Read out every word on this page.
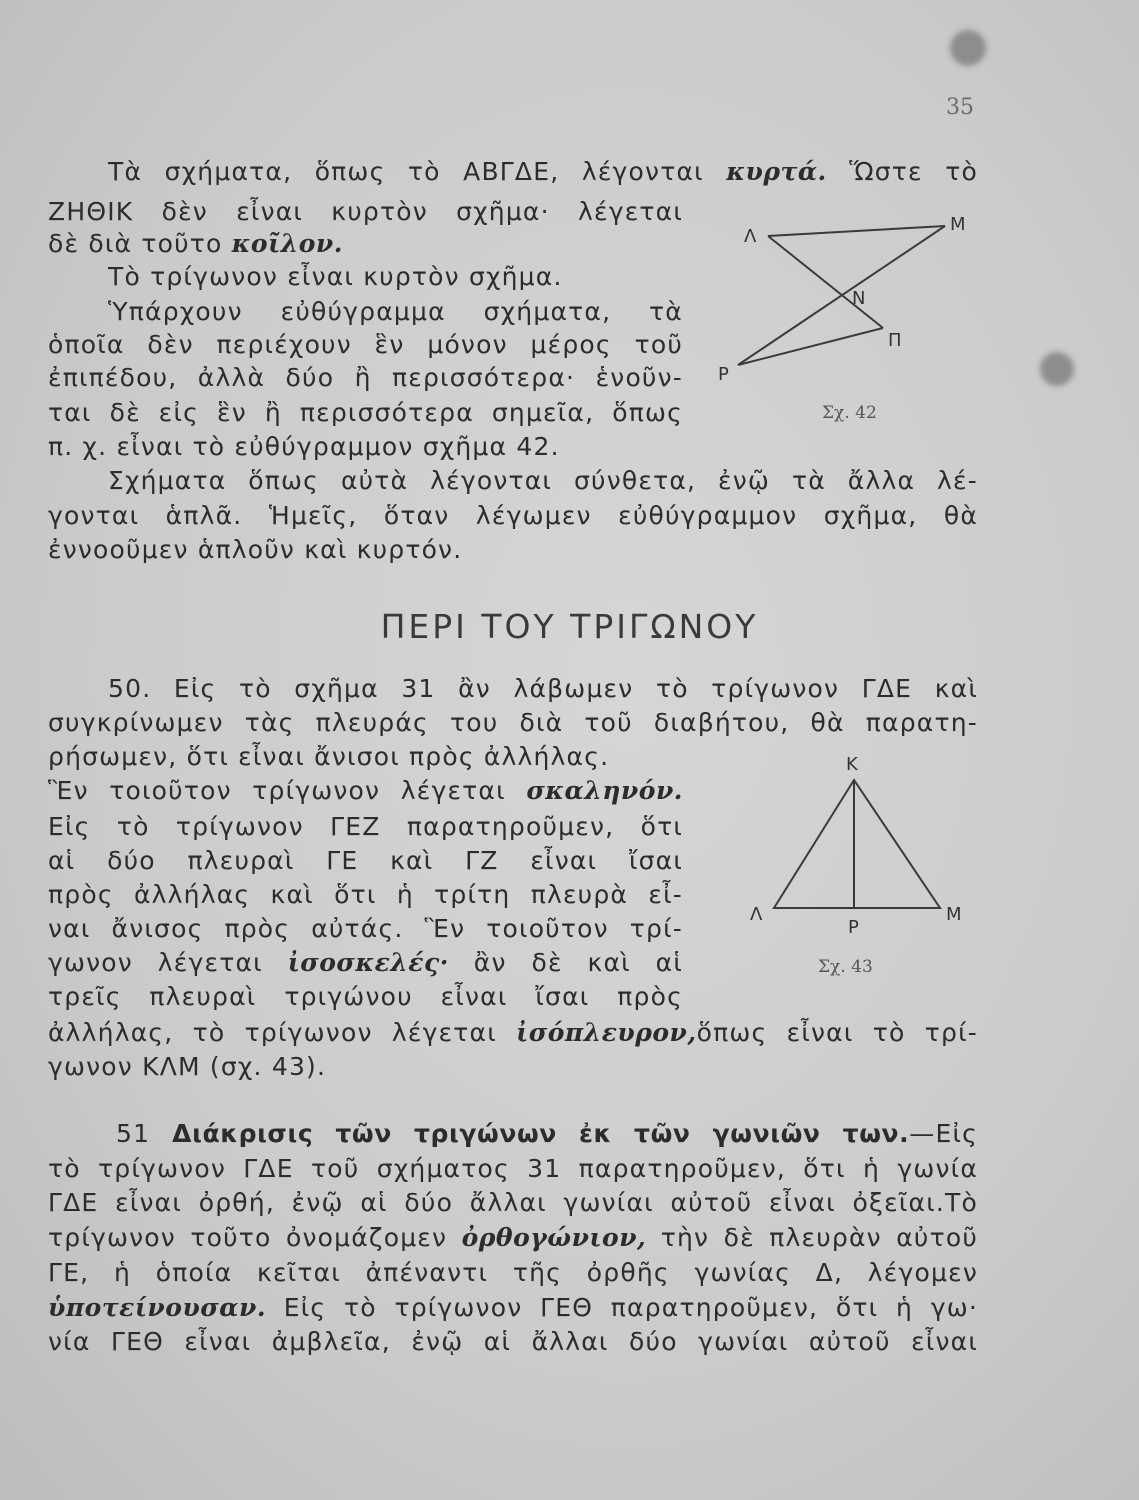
35
Τὰ σχήματα, ὅπως τὸ ΑΒΓΔΕ, λέγονται κυρτά. Ὥστε τὸ
ΖΗΘΙΚ δὲν εἶναι κυρτὸν σχῆμα· λέγεται
δὲ διὰ τοῦτο κοῖλον.
Τὸ τρίγωνον εἶναι κυρτὸν σχῆμα.
Ὑπάρχουν εὐθύγραμμα σχήματα, τὰ
ὁποῖα δὲν περιέχουν ἓν μόνον μέρος τοῦ
ἐπιπέδου, ἀλλὰ δύο ἢ περισσότερα· ἑνοῦν-
ται δὲ εἰς ἓν ἢ περισσότερα σημεῖα, ὅπως
π. χ. εἶναι τὸ εὐθύγραμμον σχῆμα 42.
Σχήματα ὅπως αὐτὰ λέγονται σύνθετα, ἐνῷ τὰ ἄλλα λέ-
γονται ἁπλᾶ. Ἡμεῖς, ὅταν λέγωμεν εὐθύγραμμον σχῆμα, θὰ
ἐννοοῦμεν ἁπλοῦν καὶ κυρτόν.
Λ
Μ
Ν
Π
Ρ
Σχ. 42
ΠΕΡΙ ΤΟΥ ΤΡΙΓΩΝΟΥ
50. Εἰς τὸ σχῆμα 31 ἂν λάβωμεν τὸ τρίγωνον ΓΔΕ καὶ
συγκρίνωμεν τὰς πλευράς του διὰ τοῦ διαβήτου, θὰ παρατη-
ρήσωμεν, ὅτι εἶναι ἄνισοι πρὸς ἀλλήλας.
Ἓν τοιοῦτον τρίγωνον λέγεται σκαληνόν.
Εἰς τὸ τρίγωνον ΓΕΖ παρατηροῦμεν, ὅτι
αἱ δύο πλευραὶ ΓΕ καὶ ΓΖ εἶναι ἴσαι
πρὸς ἀλλήλας καὶ ὅτι ἡ τρίτη πλευρὰ εἶ-
ναι ἄνισος πρὸς αὐτάς. Ἓν τοιοῦτον τρί-
γωνον λέγεται ἰσοσκελές· ἂν δὲ καὶ αἱ
τρεῖς πλευραὶ τριγώνου εἶναι ἴσαι πρὸς
ἀλλήλας, τὸ τρίγωνον λέγεται ἰσόπλευρον,ὅπως εἶναι τὸ τρί-
γωνον ΚΛΜ (σχ. 43).
Κ
Λ	Μ
Ρ
Σχ. 43
51 Διάκρισις τῶν τριγώνων ἐκ τῶν γωνιῶν των.—Εἰς
τὸ τρίγωνον ΓΔΕ τοῦ σχήματος 31 παρατηροῦμεν, ὅτι ἡ γωνία
ΓΔΕ εἶναι ὀρθή, ἐνῷ αἱ δύο ἄλλαι γωνίαι αὐτοῦ εἶναι ὀξεῖαι.Τὸ
τρίγωνον τοῦτο ὀνομάζομεν ὀρθογώνιον, τὴν δὲ πλευρὰν αὐτοῦ
ΓΕ, ἡ ὁποία κεῖται ἀπέναντι τῆς ὀρθῆς γωνίας Δ, λέγομεν
ὑποτείνουσαν. Εἰς τὸ τρίγωνον ΓΕΘ παρατηροῦμεν, ὅτι ἡ γω·
νία ΓΕΘ εἶναι ἀμβλεῖα, ἐνῷ αἱ ἄλλαι δύο γωνίαι αὐτοῦ εἶναι
